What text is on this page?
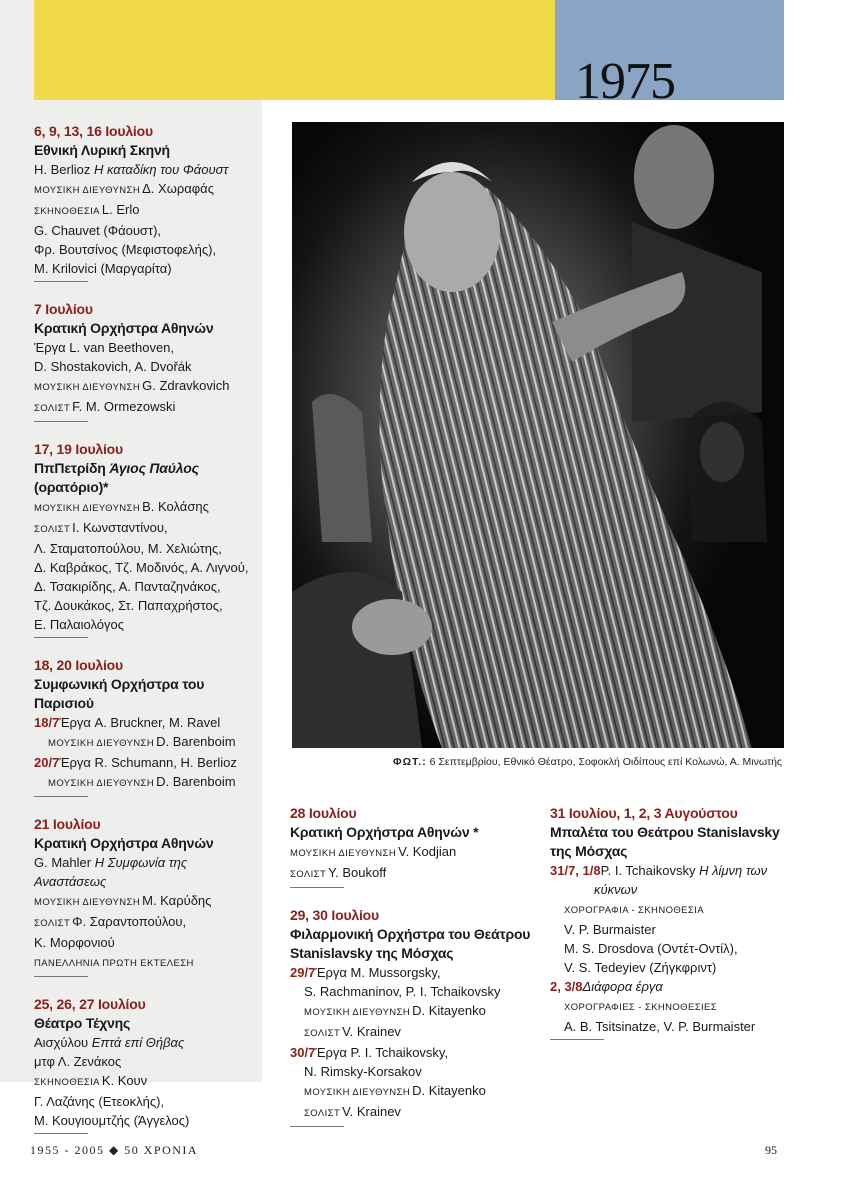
1975
ΦΩΤ.: 6 Σεπτεμβρίου, Εθνικό Θέατρο, Σοφοκλή Οιδίπους επί Κολωνώ, Α. Μινωτής
6, 9, 13, 16 Ιουλίου
Εθνική Λυρική Σκηνή
H. Berlioz Η καταδίκη του Φάουστ
ΜΟΥΣΙΚΗ ΔΙΕΥΘΥΝΣΗ Δ. Χωραφάς
ΣΚΗΝΟΘΕΣΙΑ L. Erlo
G. Chauvet (Φάουστ),
Φρ. Βουτσίνος (Μεφιστοφελής),
M. Krilovici (Μαργαρίτα)
7 Ιουλίου
Κρατική Ορχήστρα Αθηνών
Έργα L. van Beethoven,
D. Shostakovich, A. Dvořák
ΜΟΥΣΙΚΗ ΔΙΕΥΘΥΝΣΗ G. Zdravkovich
ΣΟΛΙΣΤ F. M. Ormezowski
17, 19 Ιουλίου
ΠπΠετρίδη Άγιος Παύλος (ορατόριο)*
ΜΟΥΣΙΚΗ ΔΙΕΥΘΥΝΣΗ Β. Κολάσης
ΣΟΛΙΣΤ Ι. Κωνσταντίνου,
Λ. Σταματοπούλου, Μ. Χελιώτης,
Δ. Καβράκος, Τζ. Μοδινός, Α. Λιγνού,
Δ. Τσακιρίδης, Α. Πανταζηνάκος,
Τζ. Δουκάκος, Στ. Παπαχρήστος,
Ε. Παλαιολόγος
18, 20 Ιουλίου
Συμφωνική Ορχήστρα του Παρισιού
18/7Έργα A. Bruckner, M. Ravel
ΜΟΥΣΙΚΗ ΔΙΕΥΘΥΝΣΗ D. Barenboim
20/7Έργα R. Schumann, H. Berlioz
ΜΟΥΣΙΚΗ ΔΙΕΥΘΥΝΣΗ D. Barenboim
21 Ιουλίου
Κρατική Ορχήστρα Αθηνών
G. Mahler Η Συμφωνία της
Αναστάσεως
ΜΟΥΣΙΚΗ ΔΙΕΥΘΥΝΣΗ Μ. Καρύδης
ΣΟΛΙΣΤ Φ. Σαραντοπούλου,
Κ. Μορφονιού
ΠΑΝΕΛΛΗΝΙΑ ΠΡΩΤΗ ΕΚΤΕΛΕΣΗ
25, 26, 27 Ιουλίου
Θέατρο Τέχνης
Αισχύλου Επτά επί Θήβας
μτφ Λ. Ζενάκος
ΣΚΗΝΟΘΕΣΙΑ Κ. Κουν
Γ. Λαζάνης (Ετεοκλής),
Μ. Κουγιουμτζής (Άγγελος)
28 Ιουλίου
Κρατική Ορχήστρα Αθηνών *
ΜΟΥΣΙΚΗ ΔΙΕΥΘΥΝΣΗ V. Kodjian
ΣΟΛΙΣΤ Y. Boukoff
29, 30 Ιουλίου
Φιλαρμονική Ορχήστρα του Θεάτρου
Stanislavsky της Μόσχας
29/7Έργα M. Mussorgsky,
S. Rachmaninov, P. I. Tchaikovsky
ΜΟΥΣΙΚΗ ΔΙΕΥΘΥΝΣΗ D. Kitayenko
ΣΟΛΙΣΤ V. Krainev
30/7Έργα P. I. Tchaikovsky,
N. Rimsky-Korsakov
ΜΟΥΣΙΚΗ ΔΙΕΥΘΥΝΣΗ D. Kitayenko
ΣΟΛΙΣΤ V. Krainev
31 Ιουλίου, 1, 2, 3 Αυγούστου
Μπαλέτα του Θεάτρου Stanislavsky
της Μόσχας
31/7, 1/8P. I. Tchaikovsky Η λίμνη των
κύκνων
ΧΟΡΟΓΡΑΦΙΑ - ΣΚΗΝΟΘΕΣΙΑ
V. P. Burmaister
M. S. Drosdova (Οντέτ-Οντίλ),
V. S. Tedeyiev (Ζήγκφριντ)
2, 3/8Διάφορα έργα
ΧΟΡΟΓΡΑΦΙΕΣ - ΣΚΗΝΟΘΕΣΙΕΣ
A. B. Tsitsinatze, V. P. Burmaister
1955 - 2005 ◆ 50 ΧΡΟΝΙΑ	95
